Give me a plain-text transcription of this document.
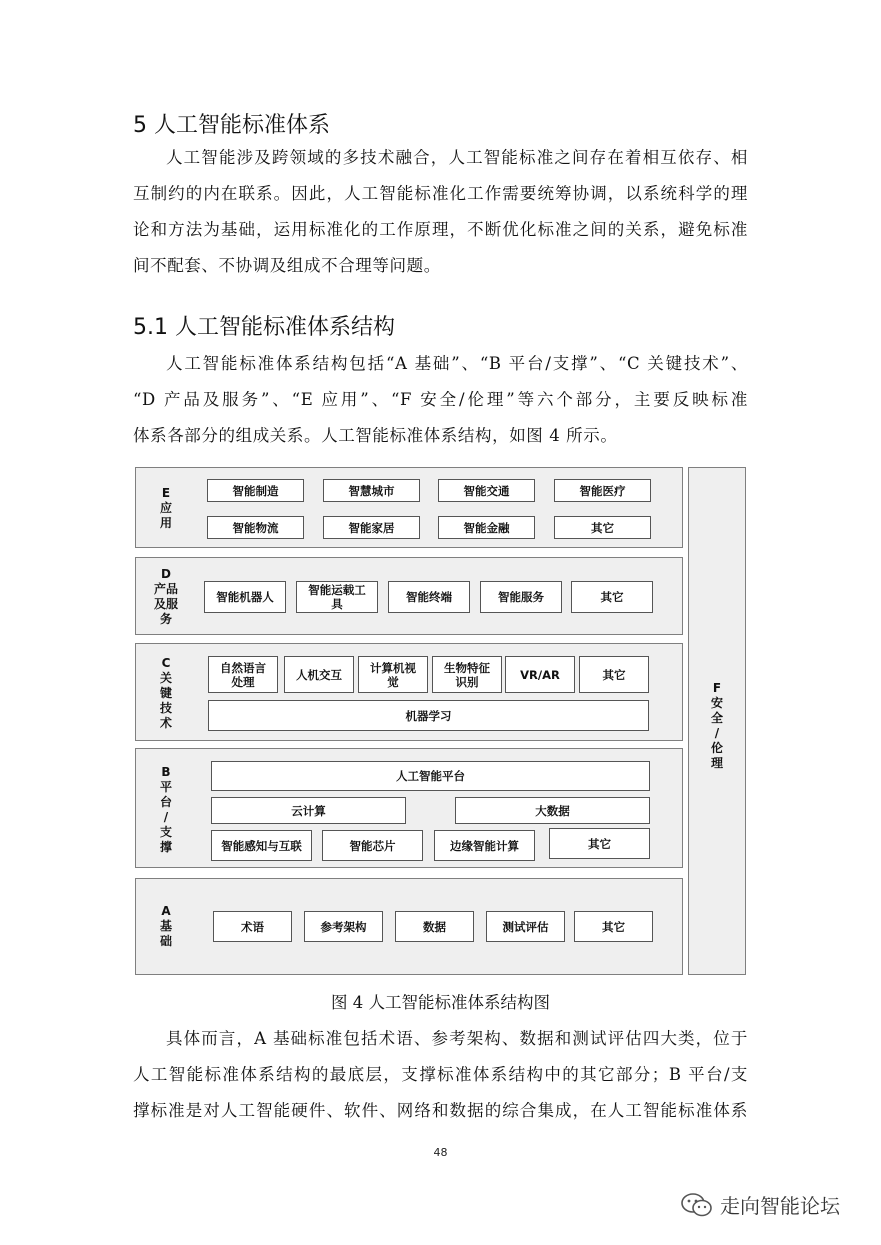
5 人工智能标准体系
人工智能涉及跨领域的多技术融合，人工智能标准之间存在着相互依存、相
互制约的内在联系。因此，人工智能标准化工作需要统筹协调，以系统科学的理
论和方法为基础，运用标准化的工作原理，不断优化标准之间的关系，避免标准
间不配套、不协调及组成不合理等问题。
5.1 人工智能标准体系结构
人工智能标准体系结构包括“A 基础”、“B 平台/支撑”、“C 关键技术”、
“D 产品及服务”、“E 应用”、“F 安全/伦理”等六个部分，主要反映标准
体系各部分的组成关系。人工智能标准体系结构，如图 4 所示。
E
应
用
智能制造	智慧城市	智能交通	智能医疗
智能物流	智能家居	智能金融	其它
D
产品
及服
务
智能机器人	智能运载工具	智能终端	智能服务	其它
C
关
键
技
术
自然语言处理	人机交互	计算机视觉
生物特征识别	VR/AR	其它
机器学习
B
平
台
/
支
撑
人工智能平台
云计算	大数据
智能感知与互联	智能芯片	边缘智能计算	其它
A
基
础
术语	参考架构	数据	测试评估	其它
F
安
全
/
伦
理
图 4 人工智能标准体系结构图
具体而言，A 基础标准包括术语、参考架构、数据和测试评估四大类，位于
人工智能标准体系结构的最底层，支撑标准体系结构中的其它部分；B 平台/支
撑标准是对人工智能硬件、软件、网络和数据的综合集成，在人工智能标准体系
48
走向智能论坛
